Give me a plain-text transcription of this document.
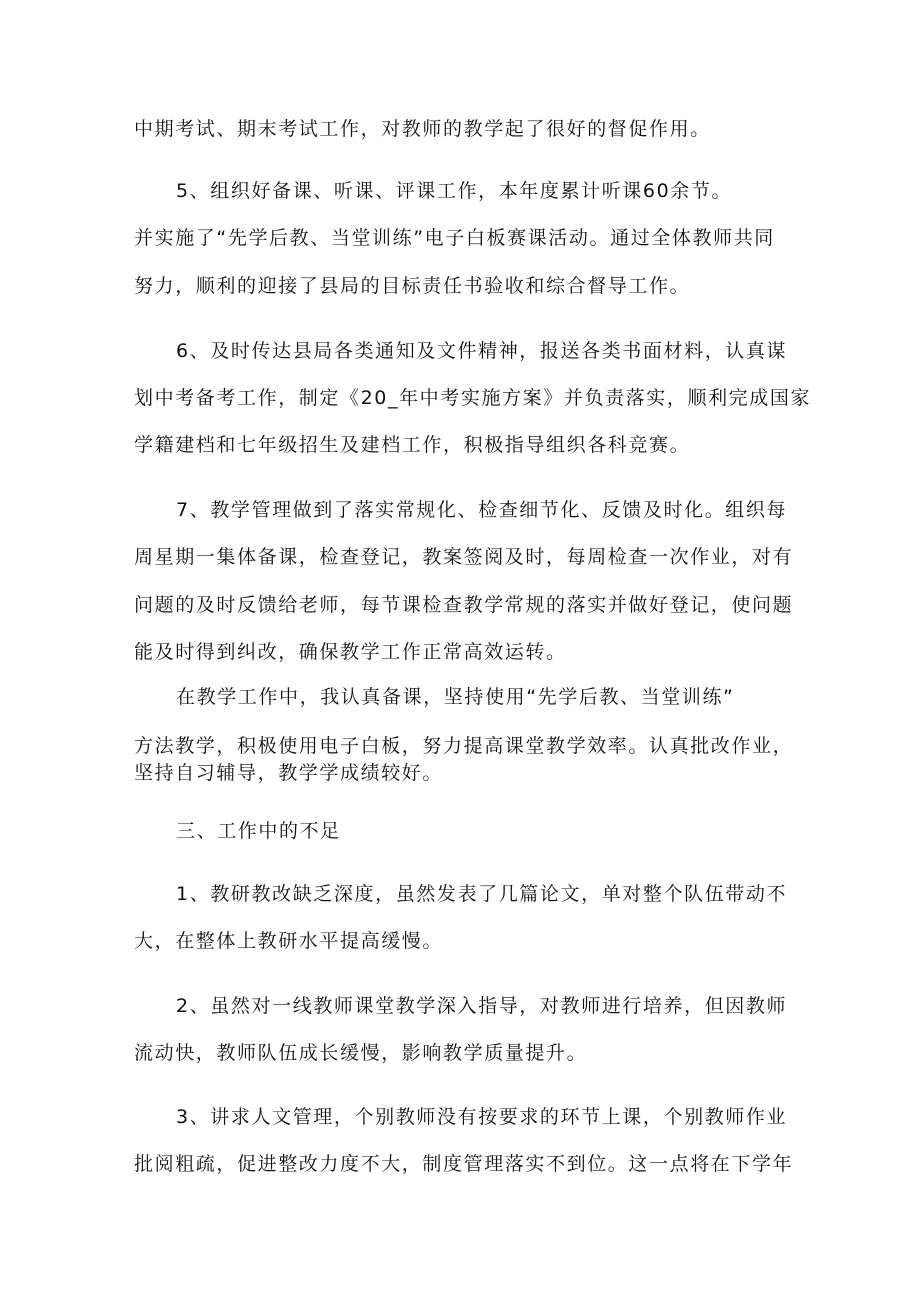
中期考试、期末考试工作，对教师的教学起了很好的督促作用。
5、组织好备课、听课、评课工作，本年度累计听课60余节。
并实施了“先学后教、当堂训练”电子白板赛课活动。通过全体教师共同
努力，顺利的迎接了县局的目标责任书验收和综合督导工作。
6、及时传达县局各类通知及文件精神，报送各类书面材料，认真谋
划中考备考工作，制定《20_年中考实施方案》并负责落实，顺利完成国家
学籍建档和七年级招生及建档工作，积极指导组织各科竞赛。
7、教学管理做到了落实常规化、检查细节化、反馈及时化。组织每
周星期一集体备课，检查登记，教案签阅及时，每周检查一次作业，对有
问题的及时反馈给老师，每节课检查教学常规的落实并做好登记，使问题
能及时得到纠改，确保教学工作正常高效运转。
在教学工作中，我认真备课，坚持使用“先学后教、当堂训练”
方法教学，积极使用电子白板，努力提高课堂教学效率。认真批改作业，
坚持自习辅导，教学学成绩较好。
三、工作中的不足
1、教研教改缺乏深度，虽然发表了几篇论文，单对整个队伍带动不
大，在整体上教研水平提高缓慢。
2、虽然对一线教师课堂教学深入指导，对教师进行培养，但因教师
流动快，教师队伍成长缓慢，影响教学质量提升。
3、讲求人文管理，个别教师没有按要求的环节上课，个别教师作业
批阅粗疏，促进整改力度不大，制度管理落实不到位。这一点将在下学年
